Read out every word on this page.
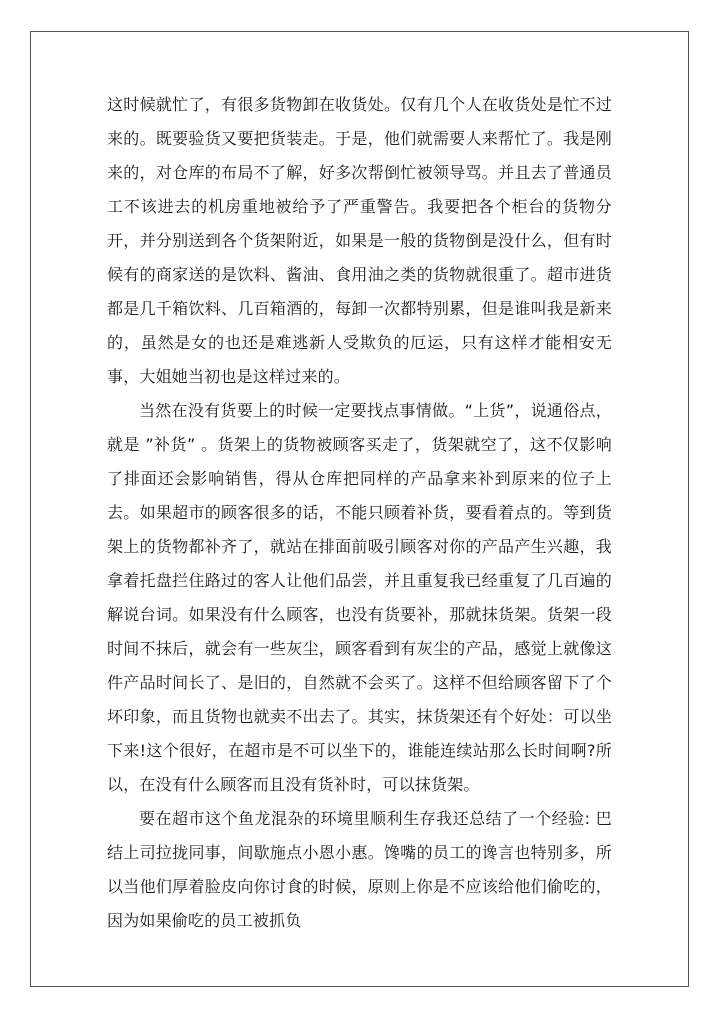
这时候就忙了，有很多货物卸在收货处。仅有几个人在收货处是忙不过来的。既要验货又要把货装走。于是，他们就需要人来帮忙了。我是刚来的，对仓库的布局不了解，好多次帮倒忙被领导骂。并且去了普通员工不该进去的机房重地被给予了严重警告。我要把各个柜台的货物分开，并分别送到各个货架附近，如果是一般的货物倒是没什么，但有时候有的商家送的是饮料、酱油、食用油之类的货物就很重了。超市进货都是几千箱饮料、几百箱酒的，每卸一次都特别累，但是谁叫我是新来的，虽然是女的也还是难逃新人受欺负的厄运，只有这样才能相安无事，大姐她当初也是这样过来的。

当然在没有货要上的时候一定要找点事情做。“上货”，说通俗点，就是 ”补货” 。货架上的货物被顾客买走了，货架就空了，这不仅影响了排面还会影响销售，得从仓库把同样的产品拿来补到原来的位子上去。如果超市的顾客很多的话，不能只顾着补货，要看着点的。等到货架上的货物都补齐了，就站在排面前吸引顾客对你的产品产生兴趣，我拿着托盘拦住路过的客人让他们品尝，并且重复我已经重复了几百遍的解说台词。如果没有什么顾客，也没有货要补，那就抹货架。货架一段时间不抹后，就会有一些灰尘，顾客看到有灰尘的产品，感觉上就像这件产品时间长了、是旧的，自然就不会买了。这样不但给顾客留下了个坏印象，而且货物也就卖不出去了。其实，抹货架还有个好处：可以坐下来!这个很好，在超市是不可以坐下的，谁能连续站那么长时间啊?所以，在没有什么顾客而且没有货补时，可以抹货架。

要在超市这个鱼龙混杂的环境里顺利生存我还总结了一个经验: 巴结上司拉拢同事，间歇施点小恩小惠。馋嘴的员工的谗言也特别多，所以当他们厚着脸皮向你讨食的时候，原则上你是不应该给他们偷吃的，因为如果偷吃的员工被抓负
